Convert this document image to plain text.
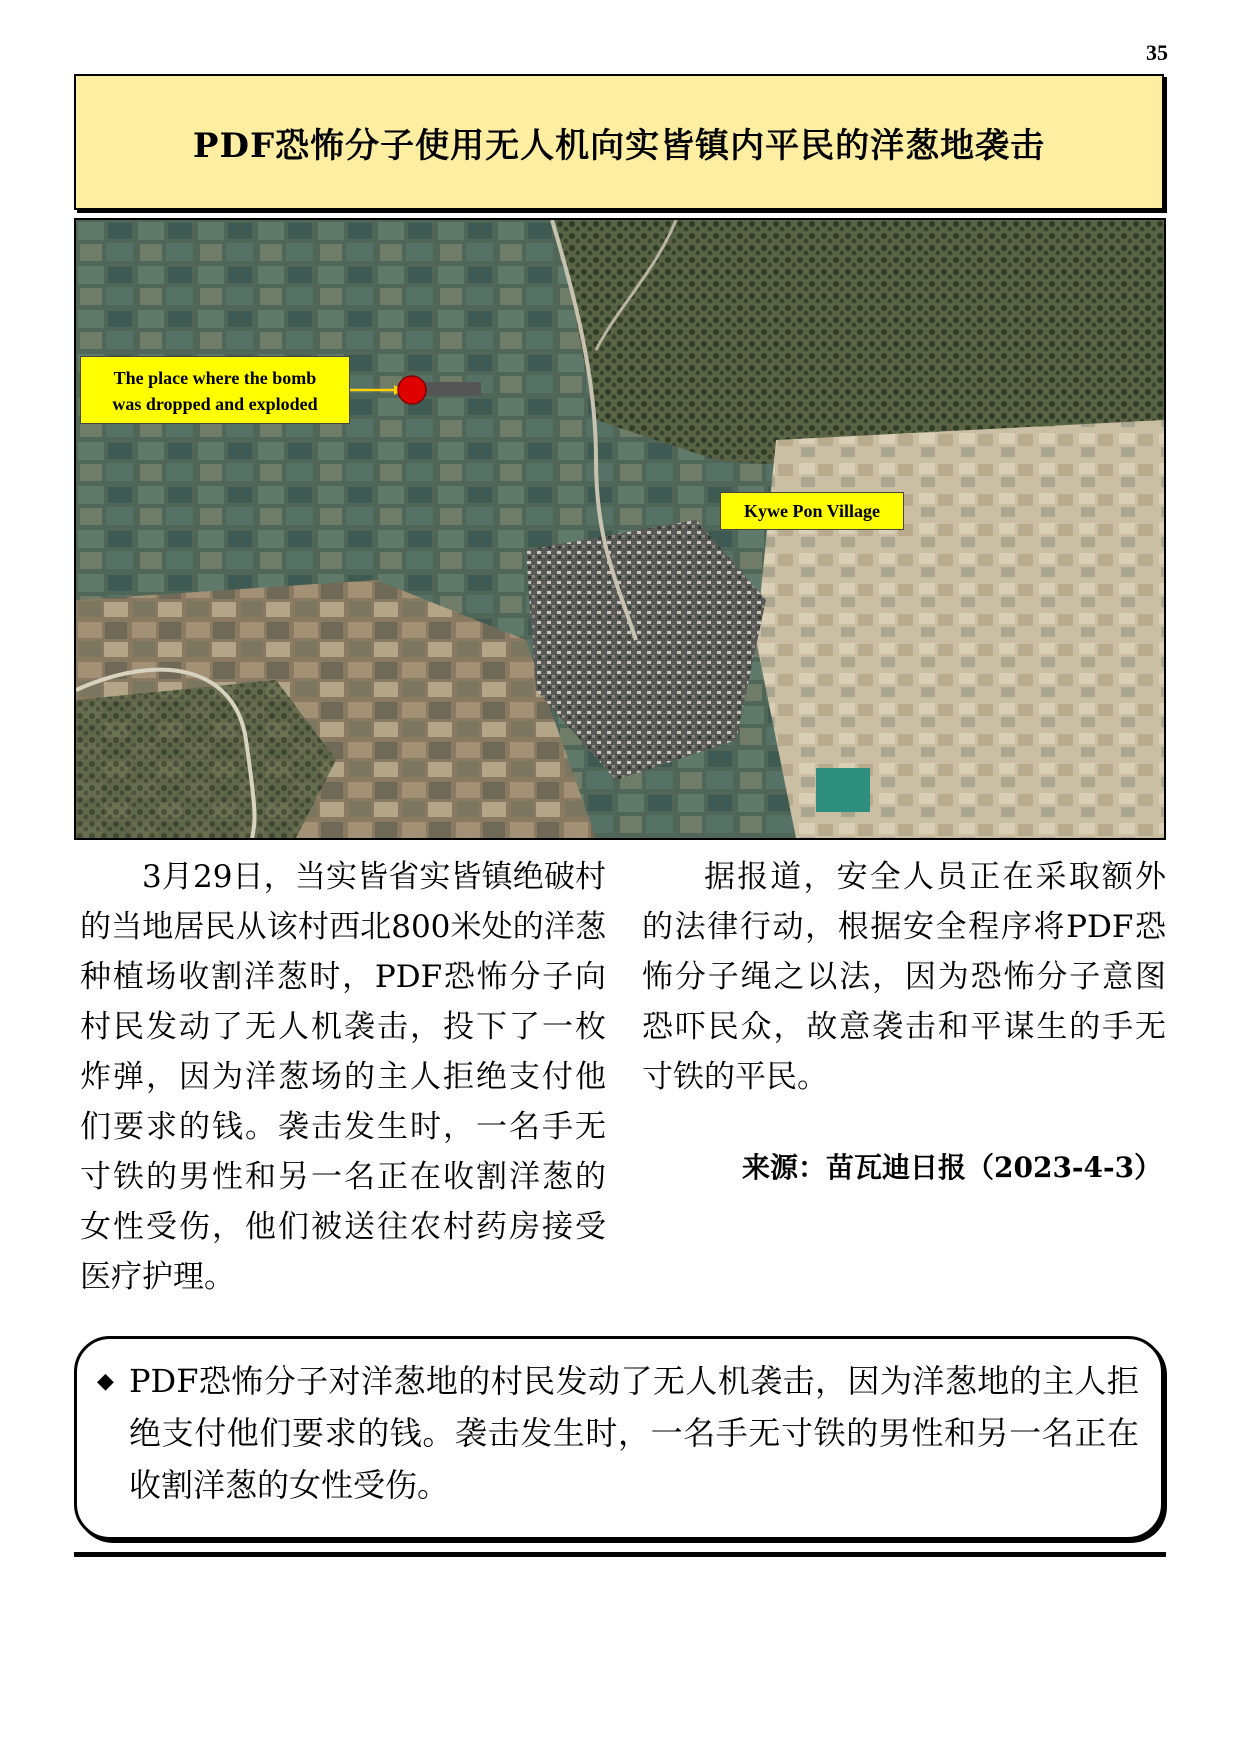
35
PDF恐怖分子使用无人机向实皆镇内平民的洋葱地袭击
The place where the bomb
was dropped and exploded
Kywe Pon Village

3月29日，当实皆省实皆镇绝破村的当地居民从该村西北800米处的洋葱种植场收割洋葱时，PDF恐怖分子向村民发动了无人机袭击，投下了一枚炸弹，因为洋葱场的主人拒绝支付他们要求的钱。袭击发生时，一名手无寸铁的男性和另一名正在收割洋葱的女性受伤，他们被送往农村药房接受医疗护理。

据报道，安全人员正在采取额外的法律行动，根据安全程序将PDF恐怖分子绳之以法，因为恐怖分子意图恐吓民众，故意袭击和平谋生的手无寸铁的平民。

来源：苗瓦迪日报（2023-4-3）
◆ PDF恐怖分子对洋葱地的村民发动了无人机袭击，因为洋葱地的主人拒绝支付他们要求的钱。袭击发生时，一名手无寸铁的男性和另一名正在收割洋葱的女性受伤。
